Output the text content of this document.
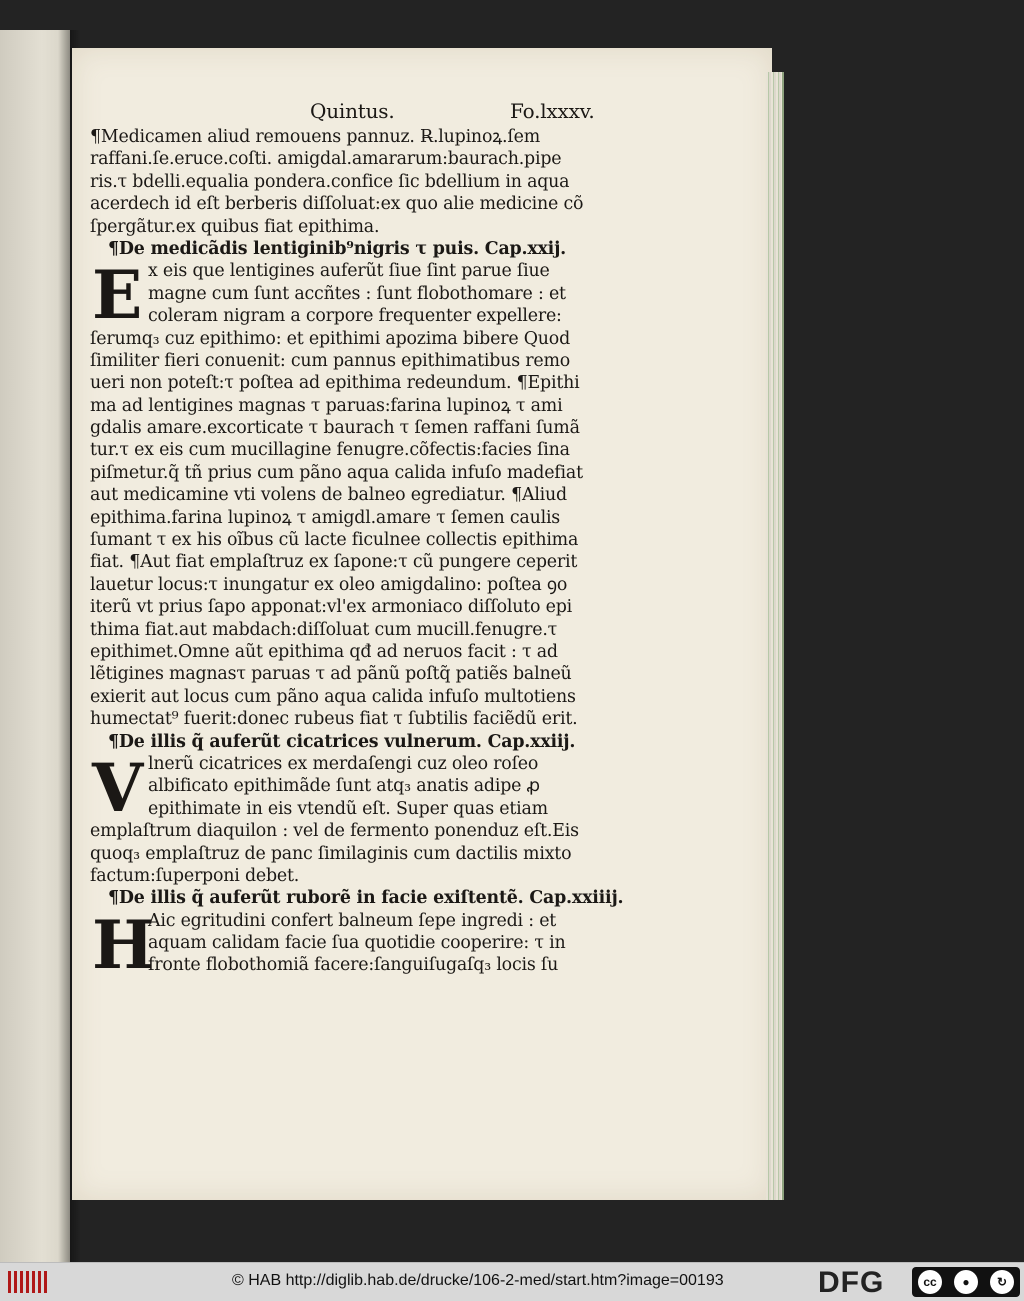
Quintus.	Fo.lxxxv.
¶Medicamen aliud remouens pannuz. R̶.lupinoꝝ.ſem
raffani.ſe.eruce.coſti. amigdal.amararum:baurach.pipe
ris.τ bdelli.equalia pondera.confice ſic bdellium in aqua
acerdech id eſt berberis diſſoluat:ex quo alie medicine cõ
ſpergãtur.ex quibus fiat epithima.
¶De medicãdis lentiginib⁹nigris τ puis. Cap.xxij.
E x eis que lentigines auferũt ſiue ſint parue ſiue
magne cum ſunt accñtes : ſunt flobothomare : et
coleram nigram a corpore frequenter expellere:
ſerumq₃ cuz epithimo: et epithimi apozima bibere Quod
ſimiliter fieri conuenit: cum pannus epithimatibus remo
ueri non poteſt:τ poſtea ad epithima redeundum. ¶Epithi
ma ad lentigines magnas τ paruas:farina lupinoꝝ τ ami
gdalis amare.excorticate τ baurach τ ſemen raffani ſumã
tur.τ ex eis cum mucillagine fenugre.cõfectis:facies ſina
piſmetur.q̃ tñ prius cum pãno aqua calida infuſo madefiat
aut medicamine vti volens de balneo egrediatur. ¶Aliud
epithima.farina lupinoꝝ τ amigdl.amare τ ſemen caulis
ſumant τ ex his oĩbus cũ lacte ficulnee collectis epithima
fiat. ¶Aut fiat emplaſtruz ex ſapone:τ cũ pungere ceperit
lauetur locus:τ inungatur ex oleo amigdalino: poſtea ꝯo
iterũ vt prius ſapo apponat:vl'ex armoniaco diſſoluto epi
thima fiat.aut mabdach:diſſoluat cum mucill.fenugre.τ
epithimet.Omne aũt epithima qđ ad neruos facit : τ ad
lẽtigines magnasτ paruas τ ad pãnũ poſtq̃ patiẽs balneũ
exierit aut locus cum pãno aqua calida infuſo multotiens
humectat⁹ fuerit:donec rubeus fiat τ ſubtilis faciẽdũ erit.
¶De illis q̃ auferũt cicatrices vulnerum. Cap.xxiij.
V lnerũ cicatrices ex merdaſengi cuz oleo roſeo
albificato epithimãde ſunt atq₃ anatis adipe ꝓ
epithimate in eis vtendũ eſt. Super quas etiam
emplaſtrum diaquilon : vel de fermento ponenduz eſt.Eis
quoq₃ emplaſtruz de panc ſimilaginis cum dactilis mixto
factum:ſuperponi debet.
¶De illis q̃ auferũt ruborẽ in facie exiſtentẽ. Cap.xxiiij.
H
Aic egritudini confert balneum ſepe ingredi : et
aquam calidam facie ſua quotidie cooperire: τ in
fronte flobothomiã facere:ſanguiſugaſq₃ locis ſu
© HAB http://diglib.hab.de/drucke/106-2-med/start.htm?image=00193	DFG	cc	●	↻
